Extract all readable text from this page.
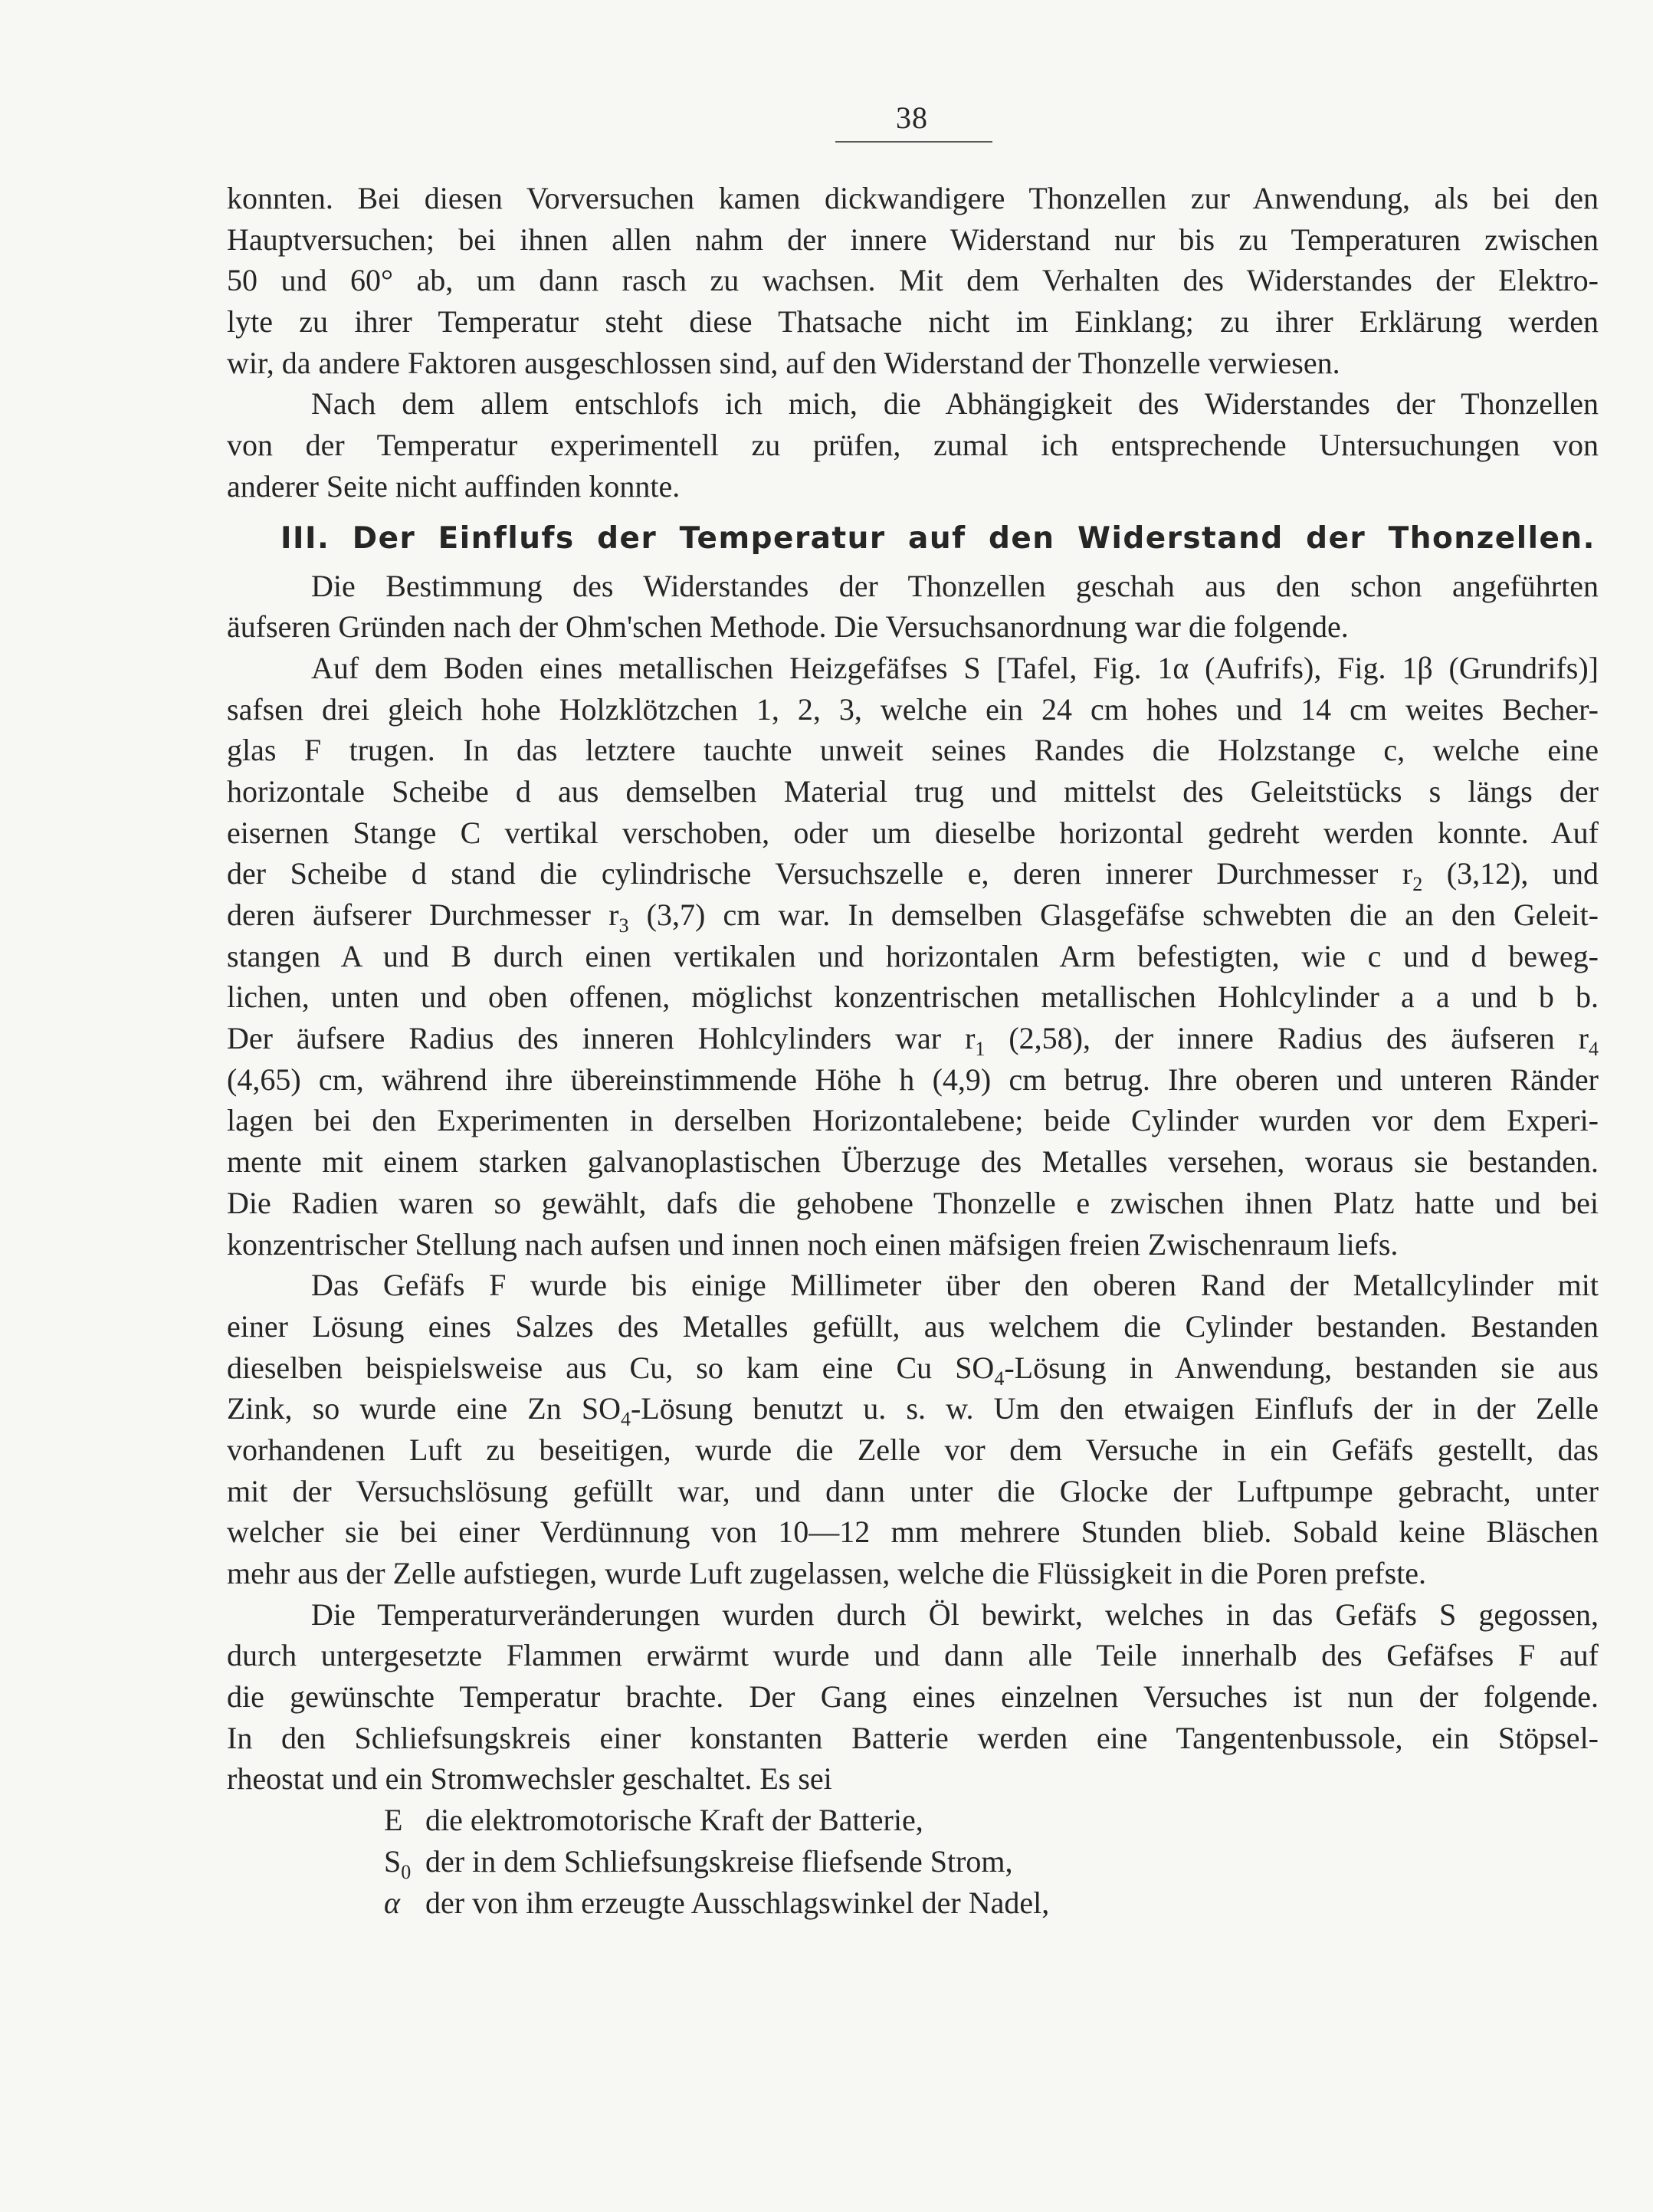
38
konnten. Bei diesen Vorversuchen kamen dickwandigere Thonzellen zur Anwendung, als bei den
Hauptversuchen; bei ihnen allen nahm der innere Widerstand nur bis zu Temperaturen zwischen
50 und 60° ab, um dann rasch zu wachsen. Mit dem Verhalten des Widerstandes der Elektro-
lyte zu ihrer Temperatur steht diese Thatsache nicht im Einklang; zu ihrer Erklärung werden
wir, da andere Faktoren ausgeschlossen sind, auf den Widerstand der Thonzelle verwiesen.
Nach dem allem entschlofs ich mich, die Abhängigkeit des Widerstandes der Thonzellen
von der Temperatur experimentell zu prüfen, zumal ich entsprechende Untersuchungen von
anderer Seite nicht auffinden konnte.
III. Der Einflufs der Temperatur auf den Widerstand der Thonzellen.
Die Bestimmung des Widerstandes der Thonzellen geschah aus den schon angeführten
äufseren Gründen nach der Ohm'schen Methode. Die Versuchsanordnung war die folgende.
Auf dem Boden eines metallischen Heizgefäfses S [Tafel, Fig. 1α (Aufrifs), Fig. 1β (Grundrifs)]
safsen drei gleich hohe Holzklötzchen 1, 2, 3, welche ein 24 cm hohes und 14 cm weites Becher-
glas F trugen. In das letztere tauchte unweit seines Randes die Holzstange c, welche eine
horizontale Scheibe d aus demselben Material trug und mittelst des Geleitstücks s längs der
eisernen Stange C vertikal verschoben, oder um dieselbe horizontal gedreht werden konnte. Auf
der Scheibe d stand die cylindrische Versuchszelle e, deren innerer Durchmesser $r_2$ (3,12), und
deren äufserer Durchmesser $r_3$ (3,7) cm war. In demselben Glasgefäfse schwebten die an den Geleit-
stangen A und B durch einen vertikalen und horizontalen Arm befestigten, wie c und d beweg-
lichen, unten und oben offenen, möglichst konzentrischen metallischen Hohlcylinder a a und b b.
Der äufsere Radius des inneren Hohlcylinders war $r_1$ (2,58), der innere Radius des äufseren $r_4$
(4,65) cm, während ihre übereinstimmende Höhe h (4,9) cm betrug. Ihre oberen und unteren Ränder
lagen bei den Experimenten in derselben Horizontalebene; beide Cylinder wurden vor dem Experi-
mente mit einem starken galvanoplastischen Überzuge des Metalles versehen, woraus sie bestanden.
Die Radien waren so gewählt, dafs die gehobene Thonzelle e zwischen ihnen Platz hatte und bei
konzentrischer Stellung nach aufsen und innen noch einen mäfsigen freien Zwischenraum liefs.
Das Gefäfs F wurde bis einige Millimeter über den oberen Rand der Metallcylinder mit
einer Lösung eines Salzes des Metalles gefüllt, aus welchem die Cylinder bestanden. Bestanden
dieselben beispielsweise aus Cu, so kam eine Cu $SO_4$-Lösung in Anwendung, bestanden sie aus
Zink, so wurde eine Zn $SO_4$-Lösung benutzt u. s. w. Um den etwaigen Einflufs der in der Zelle
vorhandenen Luft zu beseitigen, wurde die Zelle vor dem Versuche in ein Gefäfs gestellt, das
mit der Versuchslösung gefüllt war, und dann unter die Glocke der Luftpumpe gebracht, unter
welcher sie bei einer Verdünnung von 10—12 mm mehrere Stunden blieb. Sobald keine Bläschen
mehr aus der Zelle aufstiegen, wurde Luft zugelassen, welche die Flüssigkeit in die Poren prefste.
Die Temperaturveränderungen wurden durch Öl bewirkt, welches in das Gefäfs S gegossen,
durch untergesetzte Flammen erwärmt wurde und dann alle Teile innerhalb des Gefäfses F auf
die gewünschte Temperatur brachte. Der Gang eines einzelnen Versuches ist nun der folgende.
In den Schliefsungskreis einer konstanten Batterie werden eine Tangentenbussole, ein Stöpsel-
rheostat und ein Stromwechsler geschaltet. Es sei
E die elektromotorische Kraft der Batterie,
$S_0$ der in dem Schliefsungskreise fliefsende Strom,
α der von ihm erzeugte Ausschlagswinkel der Nadel,
